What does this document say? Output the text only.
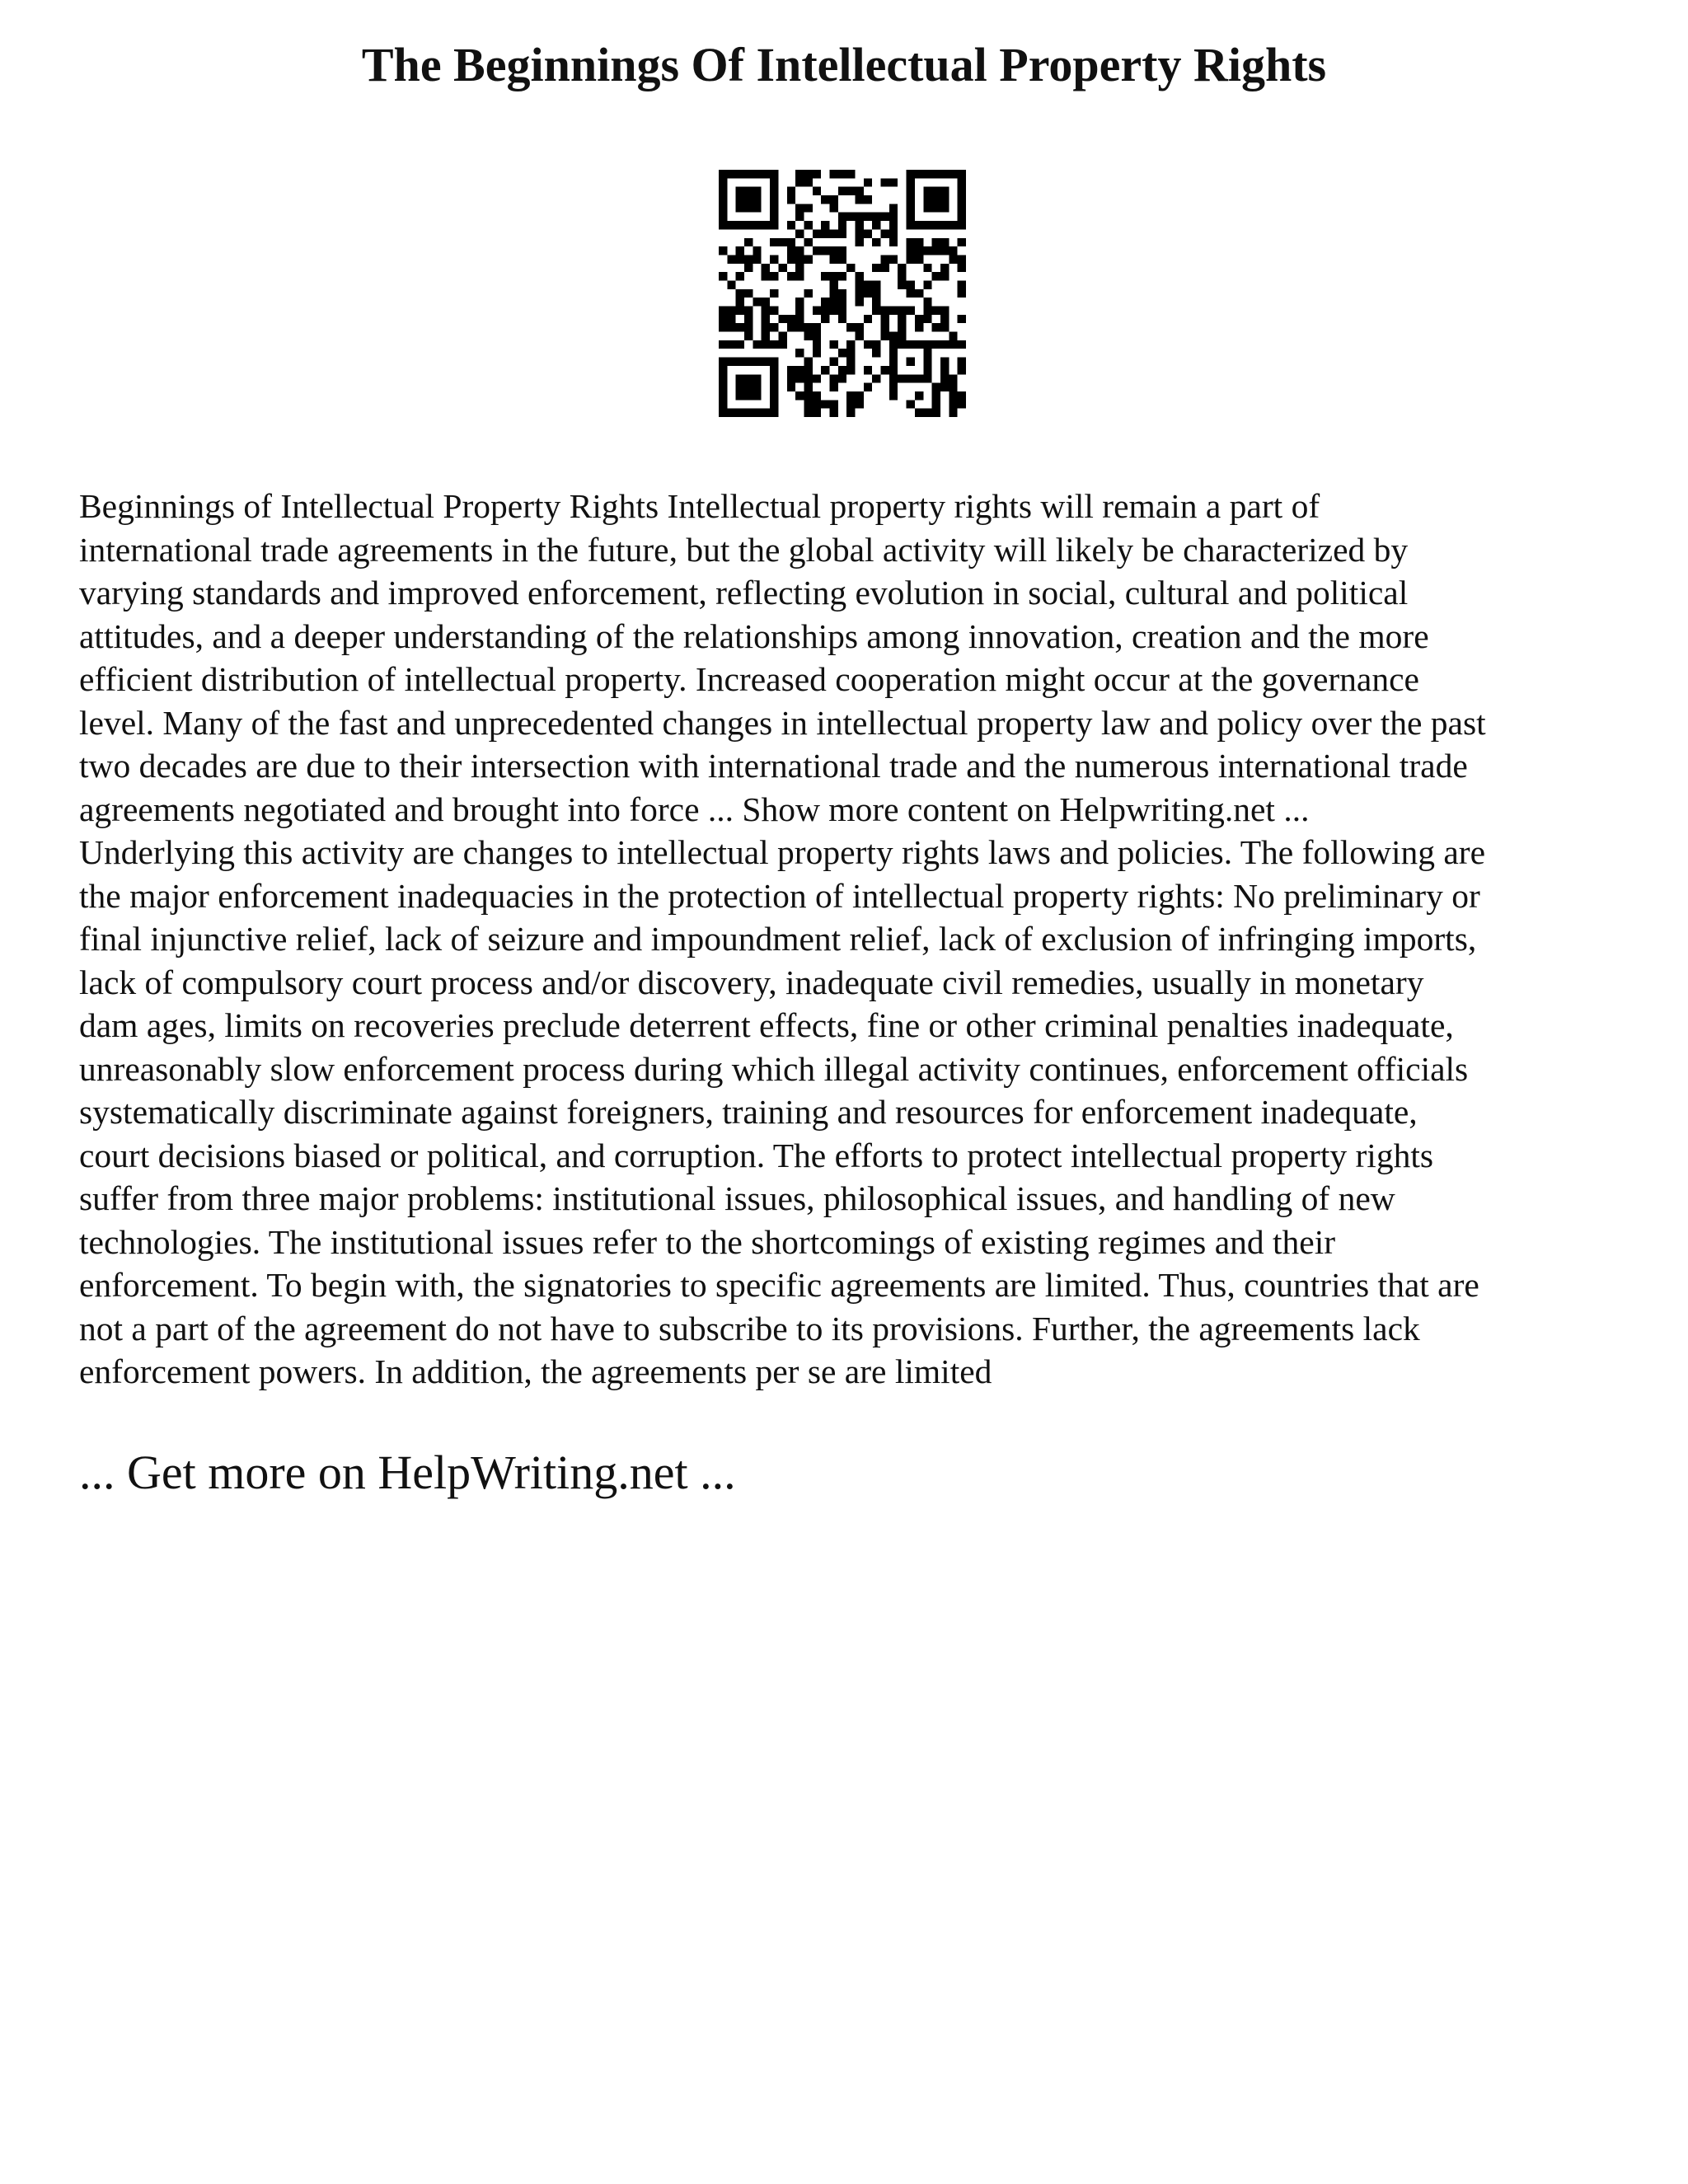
The Beginnings Of Intellectual Property Rights

Beginnings of Intellectual Property Rights Intellectual property rights will remain a part of
international trade agreements in the future, but the global activity will likely be characterized by
varying standards and improved enforcement, reflecting evolution in social, cultural and political
attitudes, and a deeper understanding of the relationships among innovation, creation and the more
efficient distribution of intellectual property. Increased cooperation might occur at the governance
level. Many of the fast and unprecedented changes in intellectual property law and policy over the past
two decades are due to their intersection with international trade and the numerous international trade
agreements negotiated and brought into force ... Show more content on Helpwriting.net ...
Underlying this activity are changes to intellectual property rights laws and policies. The following are
the major enforcement inadequacies in the protection of intellectual property rights: No preliminary or
final injunctive relief, lack of seizure and impoundment relief, lack of exclusion of infringing imports,
lack of compulsory court process and/or discovery, inadequate civil remedies, usually in monetary
dam ages, limits on recoveries preclude deterrent effects, fine or other criminal penalties inadequate,
unreasonably slow enforcement process during which illegal activity continues, enforcement officials
systematically discriminate against foreigners, training and resources for enforcement inadequate,
court decisions biased or political, and corruption. The efforts to protect intellectual property rights
suffer from three major problems: institutional issues, philosophical issues, and handling of new
technologies. The institutional issues refer to the shortcomings of existing regimes and their
enforcement. To begin with, the signatories to specific agreements are limited. Thus, countries that are
not a part of the agreement do not have to subscribe to its provisions. Further, the agreements lack
enforcement powers. In addition, the agreements per se are limited

... Get more on HelpWriting.net ...
